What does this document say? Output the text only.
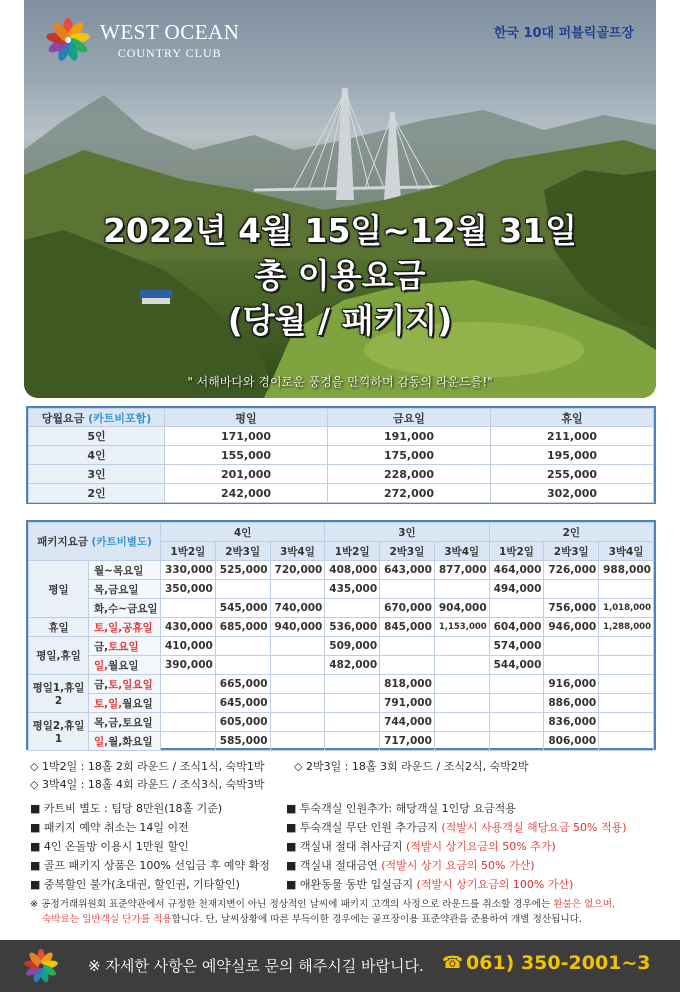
WEST OCEAN
COUNTRY CLUB
한국 10대 퍼블릭골프장
2022년 4월 15일~12월 31일
총 이용요금
(당월 / 패키지)
" 서해바다와 경이로운 풍경을 만끽하며 감동의 라운드를!"
당월요금 (카트비포함)	평일	금요일	휴일
5인	171,000	191,000	211,000
4인	155,000	175,000	195,000
3인	201,000	228,000	255,000
2인	242,000	272,000	302,000
패키지요금 (카트비별도)		4인			3인			2인		
		1박2일	2박3일	3박4일	1박2일	2박3일	3박4일	1박2일	2박3일	3박4일
평일	월~목요일	330,000	525,000	720,000	408,000	643,000	877,000	464,000	726,000	988,000
	목,금요일	350,000			435,000			494,000		
	화,수~금요일		545,000	740,000		670,000	904,000		756,000	1,018,000
휴일	토,일,공휴일	430,000	685,000	940,000	536,000	845,000	1,153,000	604,000	946,000	1,288,000
평일,휴일	금,토요일	410,000			509,000			574,000		
	일,월요일	390,000			482,000			544,000		
평일1,휴일2	금,토,일요일		665,000			818,000			916,000	
	토,일,월요일		645,000			791,000			886,000	
평일2,휴일1	목,금,토요일		605,000			744,000			836,000	
	일,월,화요일		585,000			717,000			806,000	
◇ 1박2일 : 18홀 2회 라운드 / 조식1식, 숙박1박	◇ 2박3일 : 18홀 3회 라운드 / 조식2식, 숙박2박
◇ 3박4일 : 18홀 4회 라운드 / 조식3식, 숙박3박
■ 카트비 별도 : 팀당 8만원(18홀 기준)
■ 패키지 예약 취소는 14일 이전
■ 4인 온돌방 이용시 1만원 할인
■ 골프 패키지 상품은 100% 선입금 후 예약 확정
■ 중복할인 불가(초대권, 할인권, 기타할인)
■ 투숙객실 인원추가: 해당객실 1인당 요금적용
■ 투숙객실 무단 인원 추가금지 (적발시 사용객실 해당요금 50% 적용)
■ 객실내 절대 취사금지 (적발시 상기요금의 50% 추가)
■ 객실내 절대금연 (적발시 상기 요금의 50% 가산)
■ 애완동물 동반 입실금지 (적발시 상기요금의 100% 가산)
※ 공정거래위원회 표준약관에서 규정한 천재지변이 아닌 정상적인 날씨에 패키지 고객의 사정으로 라운드를 취소할 경우에는 환불은 없으며,
숙박료는 일반객실 단가를 적용합니다. 단, 날씨상황에 따른 부득이한 경우에는 골프장이용 표준약관을 준용하여 개별 정산됩니다.
※ 자세한 사항은 예약실로 문의 해주시길 바랍니다. ☎ 061) 350-2001~3
